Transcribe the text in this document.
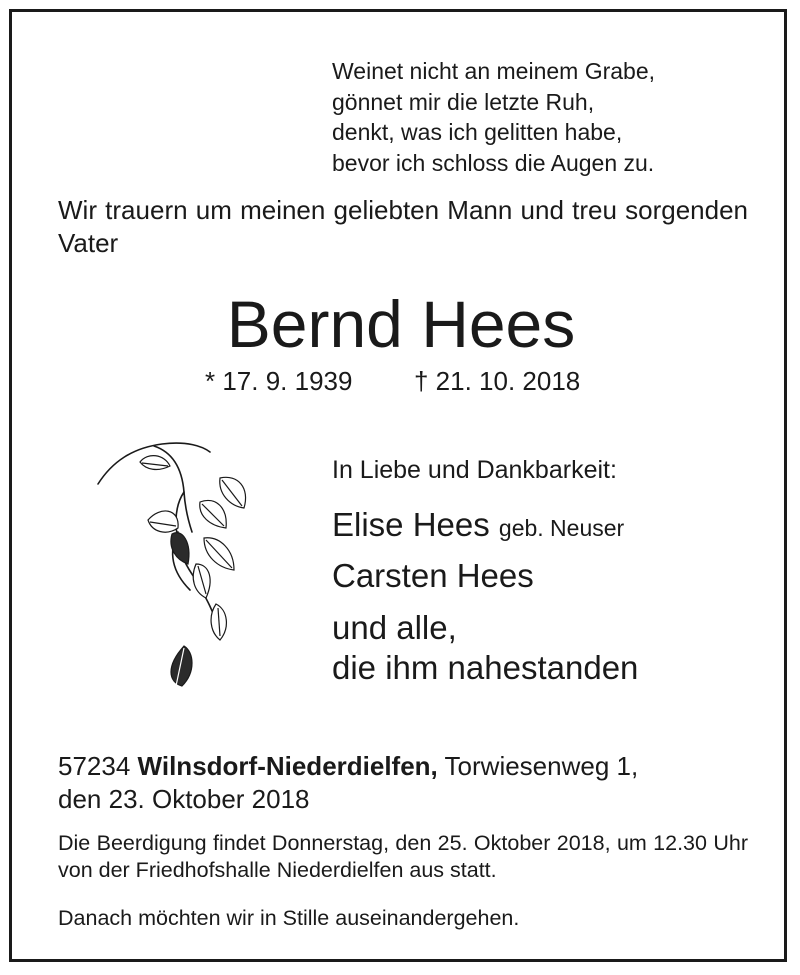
Weinet nicht an meinem Grabe,
gönnet mir die letzte Ruh,
denkt, was ich gelitten habe,
bevor ich schloss die Augen zu.
Wir trauern um meinen geliebten Mann und treu sorgenden Vater
Bernd Hees
* 17. 9. 1939 † 21. 10. 2018
In Liebe und Dankbarkeit:
Elise Hees geb. Neuser
Carsten Hees
und alle,
die ihm nahestanden
57234 Wilnsdorf-Niederdielfen, Torwiesenweg 1,
den 23. Oktober 2018
Die Beerdigung findet Donnerstag, den 25. Oktober 2018, um 12.30 Uhr von der Friedhofshalle Niederdielfen aus statt.
Danach möchten wir in Stille auseinandergehen.
